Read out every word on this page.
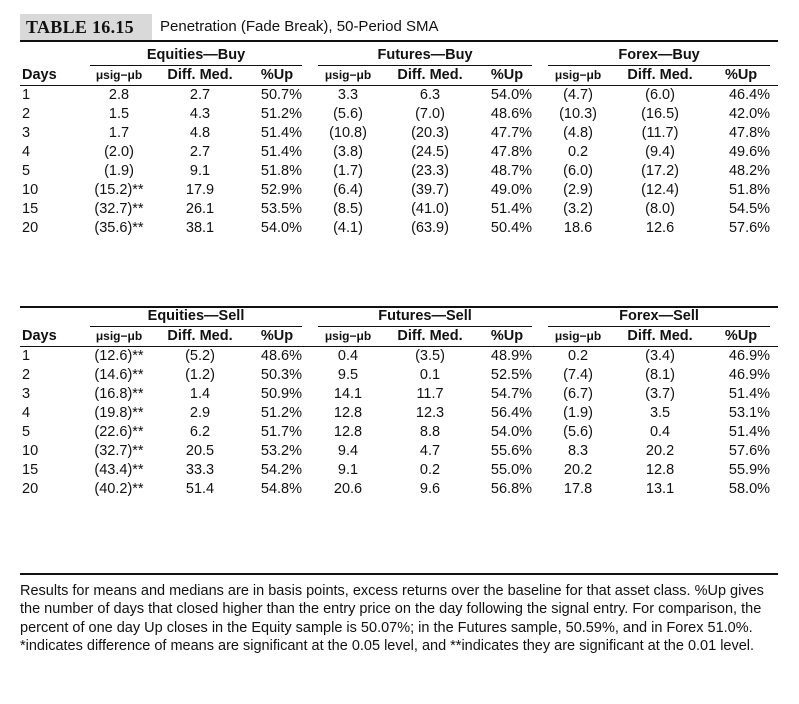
TABLE 16.15 Penetration (Fade Break), 50-Period SMA

	Equities—Buy			Futures—Buy			Forex—Buy		

Days	μsig−μb	Diff. Med.	%Up	μsig−μb	Diff. Med.	%Up	μsig−μb	Diff. Med.	%Up
1	2.8	2.7	50.7%	3.3	6.3	54.0%	(4.7)	(6.0)	46.4%
2	1.5	4.3	51.2%	(5.6)	(7.0)	48.6%	(10.3)	(16.5)	42.0%
3	1.7	4.8	51.4%	(10.8)	(20.3)	47.7%	(4.8)	(11.7)	47.8%
4	(2.0)	2.7	51.4%	(3.8)	(24.5)	47.8%	0.2	(9.4)	49.6%
5	(1.9)	9.1	51.8%	(1.7)	(23.3)	48.7%	(6.0)	(17.2)	48.2%
10	(15.2)**	17.9	52.9%	(6.4)	(39.7)	49.0%	(2.9)	(12.4)	51.8%
15	(32.7)**	26.1	53.5%	(8.5)	(41.0)	51.4%	(3.2)	(8.0)	54.5%
20	(35.6)**	38.1	54.0%	(4.1)	(63.9)	50.4%	18.6	12.6	57.6%

	Equities—Sell			Futures—Sell			Forex—Sell		

Days	μsig−μb	Diff. Med.	%Up	μsig−μb	Diff. Med.	%Up	μsig−μb	Diff. Med.	%Up
1	(12.6)**	(5.2)	48.6%	0.4	(3.5)	48.9%	0.2	(3.4)	46.9%
2	(14.6)**	(1.2)	50.3%	9.5	0.1	52.5%	(7.4)	(8.1)	46.9%
3	(16.8)**	1.4	50.9%	14.1	11.7	54.7%	(6.7)	(3.7)	51.4%
4	(19.8)**	2.9	51.2%	12.8	12.3	56.4%	(1.9)	3.5	53.1%
5	(22.6)**	6.2	51.7%	12.8	8.8	54.0%	(5.6)	0.4	51.4%
10	(32.7)**	20.5	53.2%	9.4	4.7	55.6%	8.3	20.2	57.6%
15	(43.4)**	33.3	54.2%	9.1	0.2	55.0%	20.2	12.8	55.9%
20	(40.2)**	51.4	54.8%	20.6	9.6	56.8%	17.8	13.1	58.0%

Results for means and medians are in basis points, excess returns over the baseline for that asset class. %Up gives the number of days that closed higher than the entry price on the day following the signal entry. For comparison, the percent of one day Up closes in the Equity sample is 50.07%; in the Futures sample, 50.59%, and in Forex 51.0%.

*indicates difference of means are significant at the 0.05 level, and **indicates they are significant at the 0.01 level.
